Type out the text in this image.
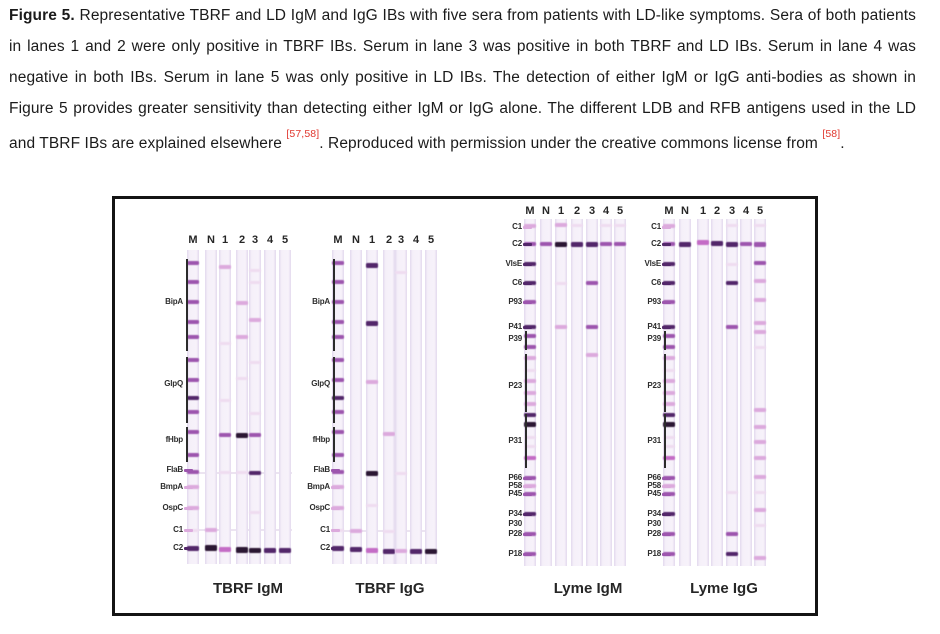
Figure 5. Representative TBRF and LD IgM and IgG IBs with five sera from patients with LD-like symptoms. Sera of both patients in lanes 1 and 2 were only positive in TBRF IBs. Serum in lane 3 was positive in both TBRF and LD IBs. Serum in lane 4 was negative in both IBs. Serum in lane 5 was only positive in LD IBs. The detection of either IgM or IgG anti-bodies as shown in Figure 5 provides greater sensitivity than detecting either IgM or IgG alone. The different LDB and RFB antigens used in the LD and TBRF IBs are explained elsewhere [57,58]. Reproduced with permission under the creative commons license from [58].

TBRF IgM
M N 1 2 3 4 5
BipA
GlpQ
fHbp
FlaB
BmpA
OspC
C1
C2
TBRF IgG
M N 1 2 3 4 5
BipA
GlpQ
fHbp
FlaB
BmpA
OspC
C1
C2
Lyme IgM
M N 1 2 3 4 5
C1
C2
VlsE
C6
P93
P41
P39
P23
P31
P66
P58
P45
P34
P30
P28
P18
Lyme IgG
M N 1 2 3 4 5
C1
C2
VlsE
C6
P93
P41
P39
P23
P31
P66
P58
P45
P34
P30
P28
P18
